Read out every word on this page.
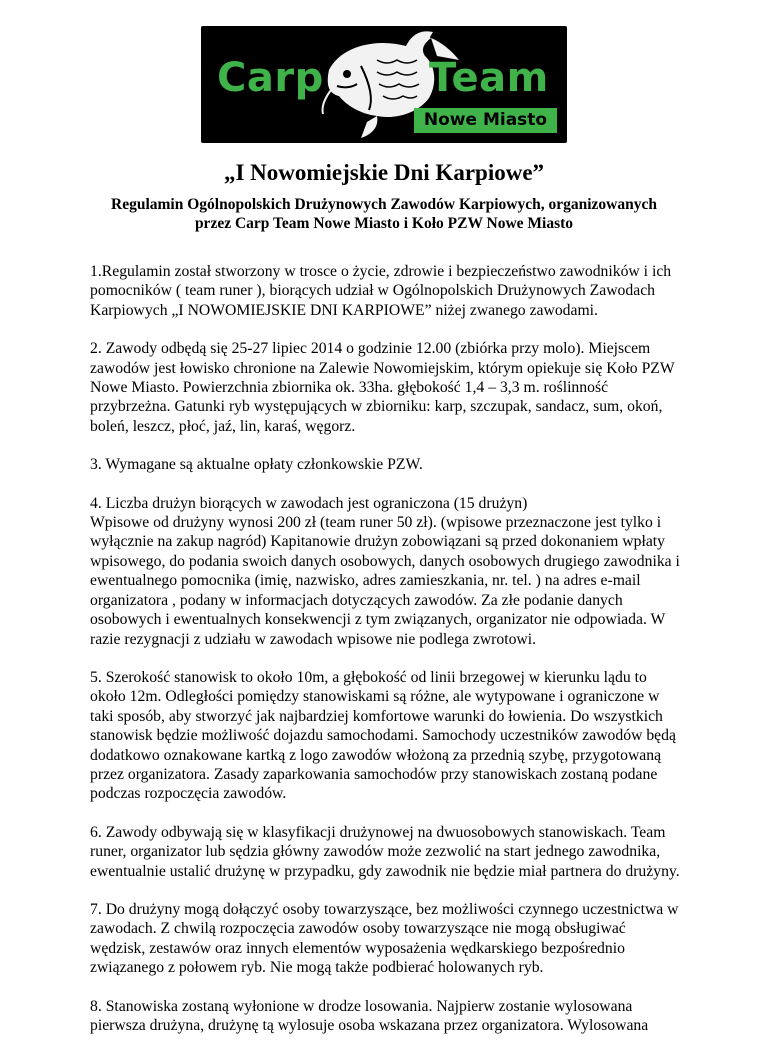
Carp	Team
Nowe Miasto
„I Nowomiejskie Dni Karpiowe”

Regulamin Ogólnopolskich Drużynowych Zawodów Karpiowych, organizowanych
przez Carp Team Nowe Miasto i Koło PZW Nowe Miasto

1.Regulamin został stworzony w trosce o życie, zdrowie i bezpieczeństwo zawodników i ich
pomocników ( team runer ), biorących udział w Ogólnopolskich Drużynowych Zawodach
Karpiowych „I NOWOMIEJSKIE DNI KARPIOWE” niżej zwanego zawodami.

2. Zawody odbędą się 25-27 lipiec 2014 o godzinie 12.00 (zbiórka przy molo). Miejscem
zawodów jest łowisko chronione na Zalewie Nowomiejskim, którym opiekuje się Koło PZW
Nowe Miasto. Powierzchnia zbiornika ok. 33ha. głębokość 1,4 – 3,3 m. roślinność
przybrzeżna. Gatunki ryb występujących w zbiorniku: karp, szczupak, sandacz, sum, okoń,
boleń, leszcz, płoć, jaź, lin, karaś, węgorz.

3. Wymagane są aktualne opłaty członkowskie PZW.

4. Liczba drużyn biorących w zawodach jest ograniczona (15 drużyn)
Wpisowe od drużyny wynosi 200 zł (team runer 50 zł). (wpisowe przeznaczone jest tylko i
wyłącznie na zakup nagród) Kapitanowie drużyn zobowiązani są przed dokonaniem wpłaty
wpisowego, do podania swoich danych osobowych, danych osobowych drugiego zawodnika i
ewentualnego pomocnika (imię, nazwisko, adres zamieszkania, nr. tel. ) na adres e-mail
organizatora , podany w informacjach dotyczących zawodów. Za złe podanie danych
osobowych i ewentualnych konsekwencji z tym związanych, organizator nie odpowiada. W
razie rezygnacji z udziału w zawodach wpisowe nie podlega zwrotowi.

5. Szerokość stanowisk to około 10m, a głębokość od linii brzegowej w kierunku lądu to
około 12m. Odległości pomiędzy stanowiskami są różne, ale wytypowane i ograniczone w
taki sposób, aby stworzyć jak najbardziej komfortowe warunki do łowienia. Do wszystkich
stanowisk będzie możliwość dojazdu samochodami. Samochody uczestników zawodów będą
dodatkowo oznakowane kartką z logo zawodów włożoną za przednią szybę, przygotowaną
przez organizatora. Zasady zaparkowania samochodów przy stanowiskach zostaną podane
podczas rozpoczęcia zawodów.

6. Zawody odbywają się w klasyfikacji drużynowej na dwuosobowych stanowiskach. Team
runer, organizator lub sędzia główny zawodów może zezwolić na start jednego zawodnika,
ewentualnie ustalić drużynę w przypadku, gdy zawodnik nie będzie miał partnera do drużyny.

7. Do drużyny mogą dołączyć osoby towarzyszące, bez możliwości czynnego uczestnictwa w
zawodach. Z chwilą rozpoczęcia zawodów osoby towarzyszące nie mogą obsługiwać
wędzisk, zestawów oraz innych elementów wyposażenia wędkarskiego bezpośrednio
związanego z połowem ryb. Nie mogą także podbierać holowanych ryb.

8. Stanowiska zostaną wyłonione w drodze losowania. Najpierw zostanie wylosowana
pierwsza drużyna, drużynę tą wylosuje osoba wskazana przez organizatora. Wylosowana
